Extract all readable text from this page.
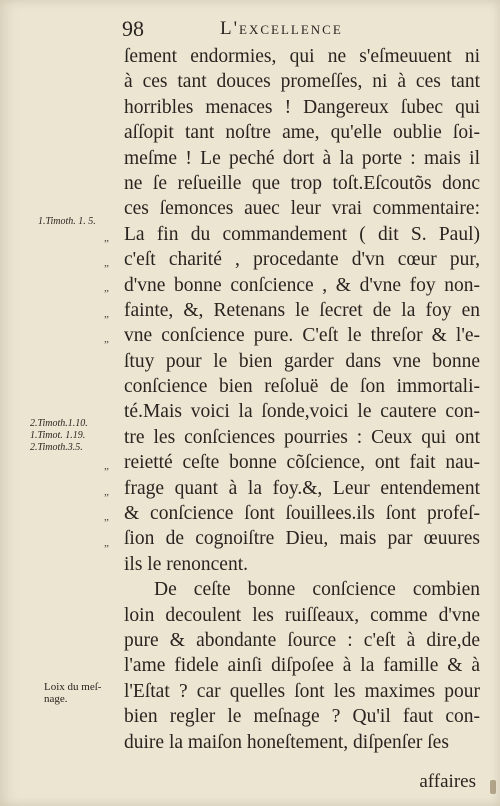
98	L'excellence
ſement endormies, qui ne s'eſmeuuent ni
à ces tant douces promeſſes, ni à ces tant
horribles menaces ! Dangereux ſubec qui
aſſopit tant noſtre ame, qu'elle oublie ſoi-
meſme ! Le peché dort à la porte : mais il
ne ſe reſueille que trop toſt.Eſcoutõs donc
ces ſemonces auec leur vrai commentaire:
La fin du commandement ( dit S. Paul)
c'eſt charité , procedante d'vn cœur pur,
d'vne bonne conſcience , & d'vne foy non-
fainte, &, Retenans le ſecret de la foy en
vne conſcience pure. C'eſt le threſor & l'e-
ſtuy pour le bien garder dans vne bonne
conſcience bien reſoluë de ſon immortali-
té.Mais voici la ſonde,voici le cautere con-
tre les conſciences pourries : Ceux qui ont
reietté ceſte bonne cõſcience, ont fait nau-
frage quant à la foy.&, Leur entendement
& conſcience ſont ſouillees.ils ſont profeſ-
ſion de cognoiſtre Dieu, mais par œuures
ils le renoncent.
De ceſte bonne conſcience combien
loin decoulent les ruiſſeaux, comme d'vne
pure & abondante ſource : c'eſt à dire,de
l'ame fidele ainſi diſpoſee à la famille & à
l'Eſtat ? car quelles ſont les maximes pour
bien regler le meſnage ? Qu'il faut con-
duire la maiſon honeſtement, diſpenſer ſes
1.Timoth. 1. 5.
2.Timoth.1.10.
1.Timot. 1.19.
2.Timoth.3.5.
Loix du meſ-
nage.
„
„
„
„
„
„
„
„
„
affaires
